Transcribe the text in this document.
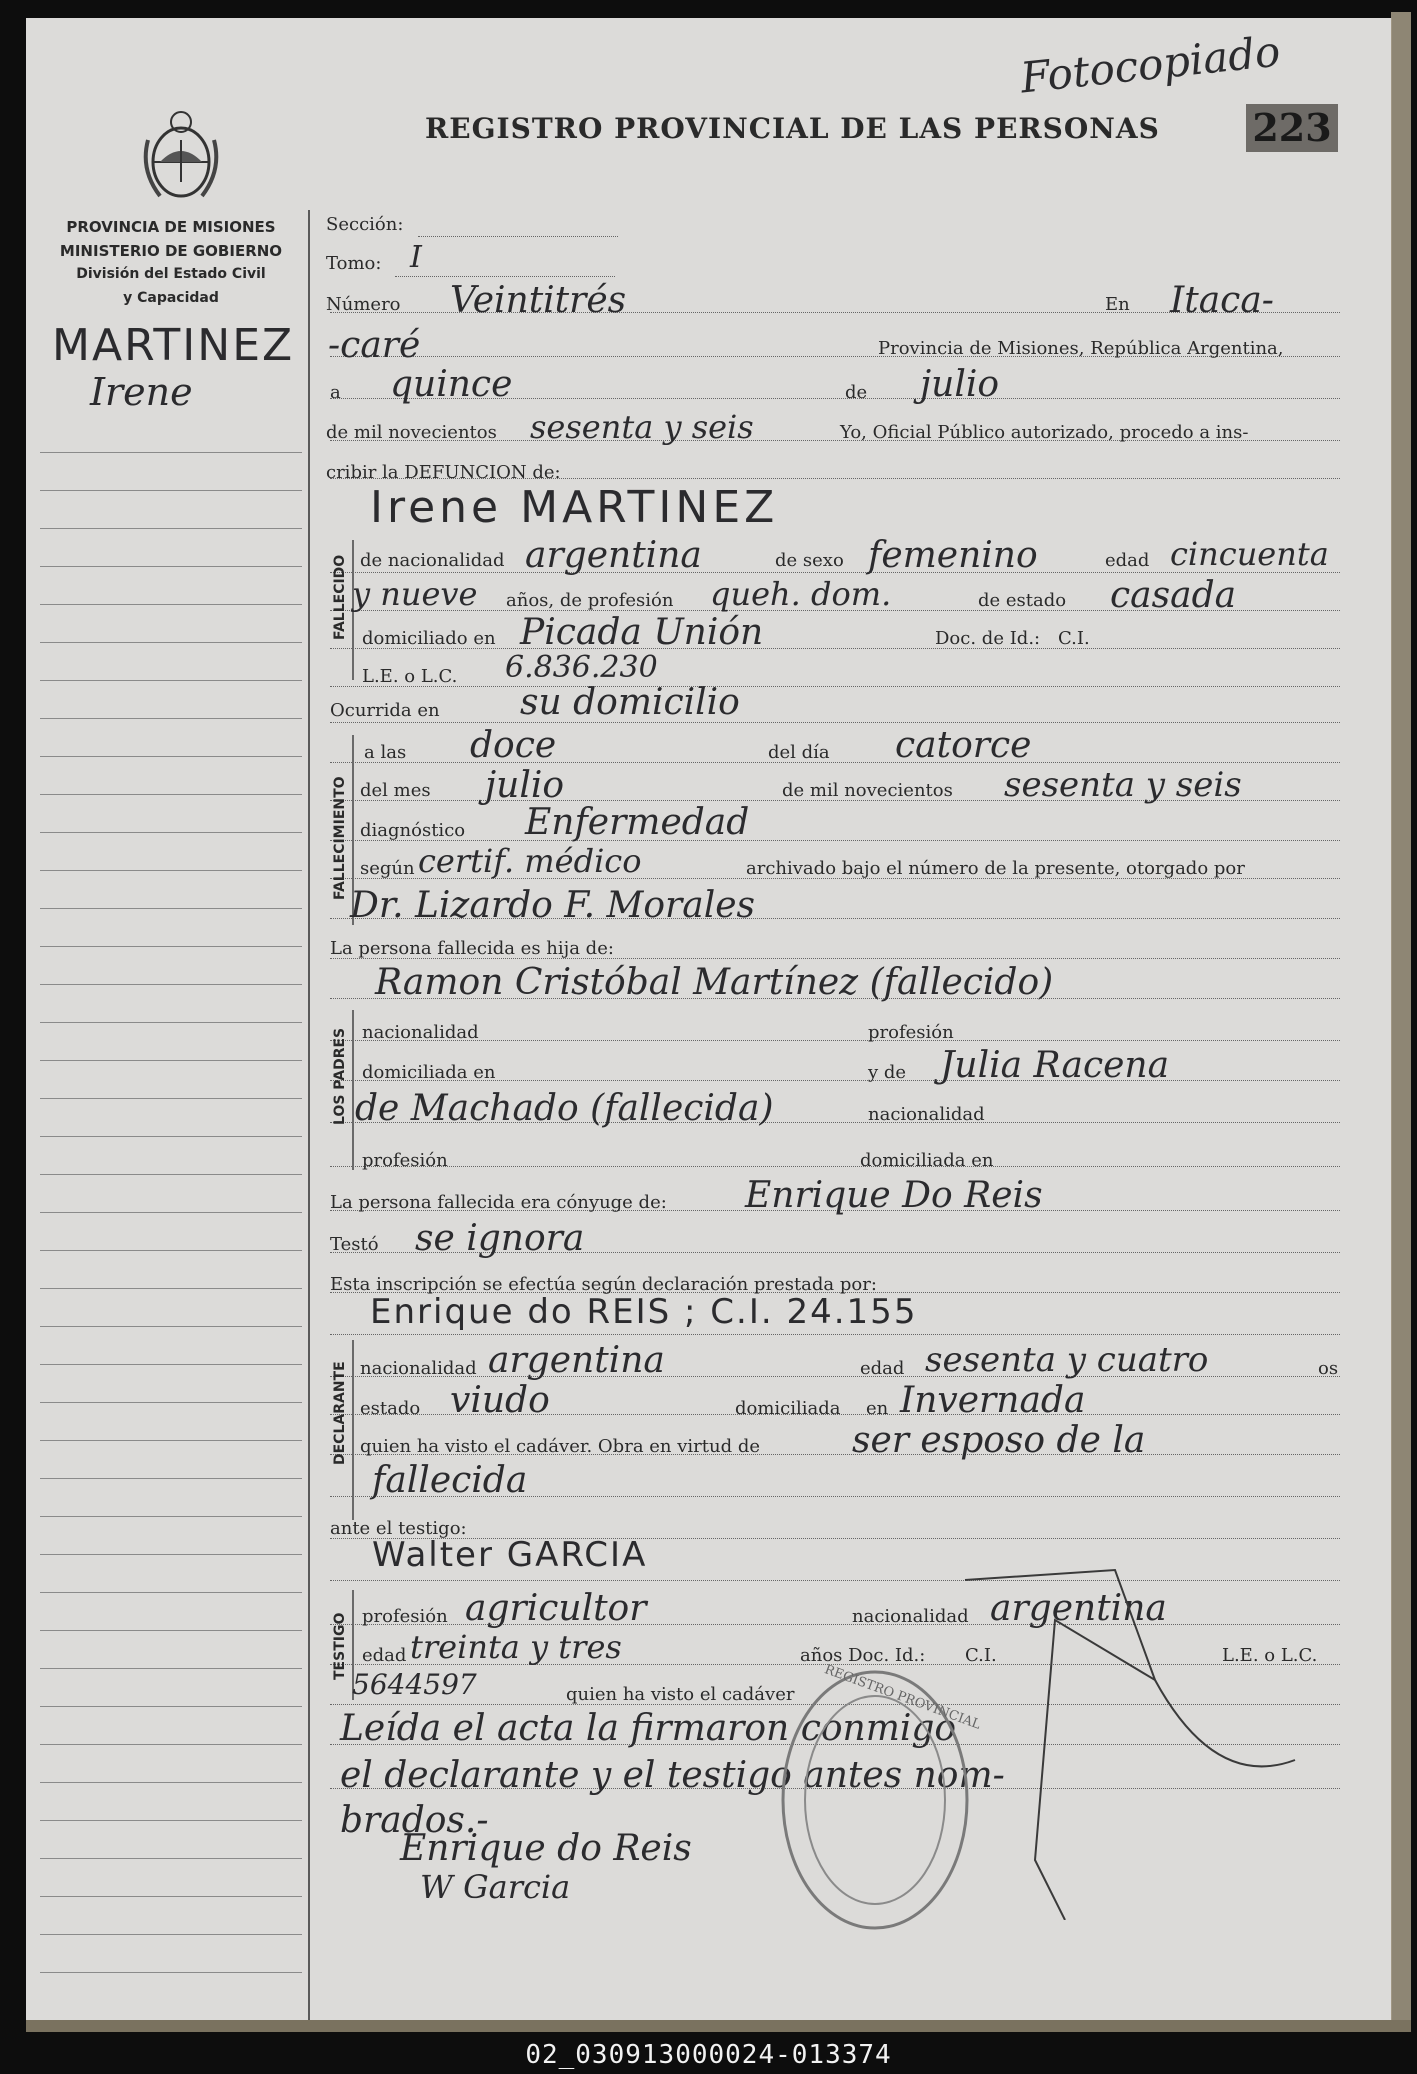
PROVINCIA DE MISIONES
MINISTERIO DE GOBIERNO
División del Estado Civil
y Capacidad
MARTINEZ
Irene
REGISTRO PROVINCIAL DE LAS PERSONAS 223
Fotocopiado
Sección:
Tomo: I
Número Veintitrés	En Itaca-
-caré	Provincia de Misiones, República Argentina,
a quince	de julio
de mil novecientos sesenta y seis	Yo, Oficial Público autorizado, procedo a ins-
cribir la DEFUNCION de:
Irene MARTINEZ
FALLECIDO de nacionalidad argentina	de sexo femenino	edad cincuenta
y nueve años, de profesión queh. dom.	de estado casada
domiciliado en Picada Unión	Doc. de Id.: C.I.
L.E. o L.C. 6.836.230
Ocurrida en su domicilio
FALLECIMIENTO
a las doce	del día catorce
del mes julio	de mil novecientos sesenta y seis
diagnóstico Enfermedad
según certif. médico	archivado bajo el número de la presente, otorgado por
Dr. Lizardo F. Morales
La persona fallecida es hija de:
Ramon Cristóbal Martínez (fallecido)
LOS PADRES nacionalidad	profesión
domiciliada en	y de Julia Racena
de Machado (fallecida)	nacionalidad
profesión	domiciliada en
La persona fallecida era cónyuge de: Enrique Do Reis
Testó se ignora
Esta inscripción se efectúa según declaración prestada por:
Enrique do REIS ; C.I. 24.155
DECLARANTE nacionalidad argentina	edad sesenta y cuatro	os
estado viudo	domiciliada en Invernada
quien ha visto el cadáver. Obra en virtud de	ser esposo de la
fallecida
ante el testigo:
Walter GARCIA
TESTIGO profesión agricultor	nacionalidad argentina
edad treinta y tres	años Doc. Id.: C.I.	L.E. o L.C.
5644597	quien ha visto el cadáver
Leída el acta la firmaron conmigo
el declarante y el testigo antes nom-
brados.-
Enrique do Reis
W Garcia
REGISTRO PROVINCIAL
02_030913000024-013374
